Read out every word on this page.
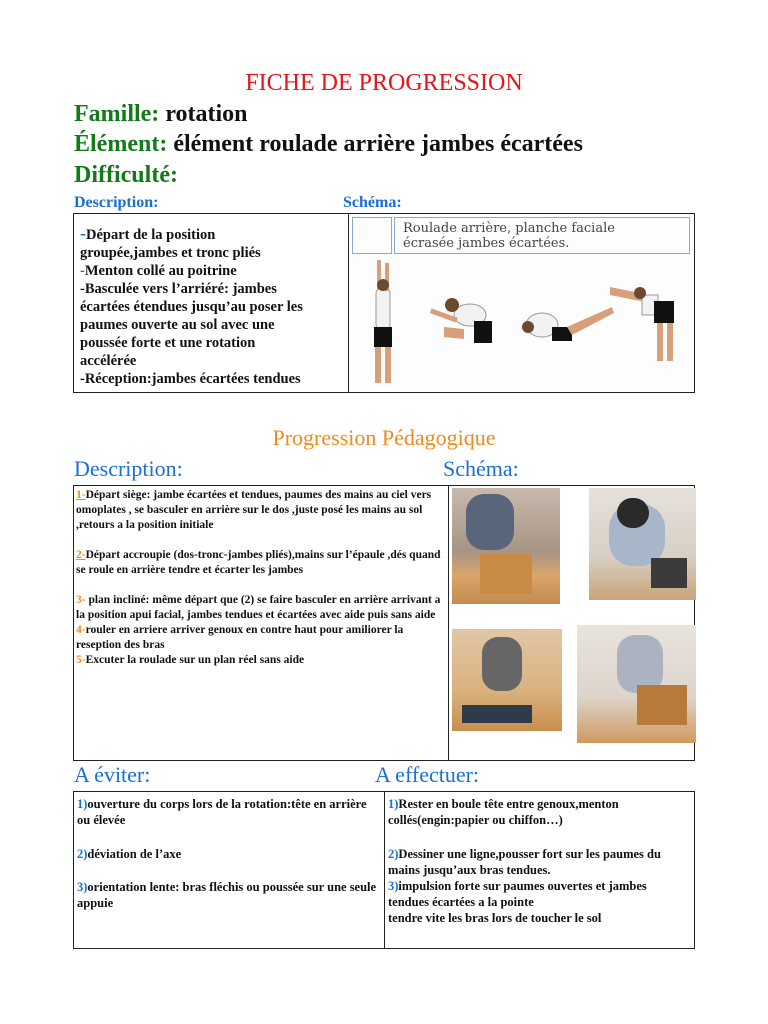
FICHE DE PROGRESSION
Famille: rotation
Élément: élément roulade arrière jambes écartées
Difficulté:
Description:	Schéma:
-Départ de la position
groupée,jambes et tronc pliés
-Menton collé au poitrine
-Basculée vers l’arriéré: jambes
écartées étendues jusqu’au poser les
paumes ouverte au sol avec une
poussée forte et une rotation
accélérée
-Réception:jambes écartées tendues
Roulade arrière, planche faciale
écrasée jambes écartées.
Progression Pédagogique
Description:	Schéma:

1-Départ siège: jambe écartées et tendues, paumes des mains au ciel vers omoplates , se basculer en arrière sur le dos ,juste posé les mains au sol ,retours a la position initiale

2-Départ accroupie (dos-tronc-jambes pliés),mains sur l’épaule ,dés quand se roule en arrière tendre et écarter les jambes

3- plan incliné: même départ que (2) se faire basculer en arrière arrivant a la position apui facial, jambes tendues et écartées avec aide puis sans aide

4-rouler en arriere arriver genoux en contre haut pour amiliorer la reseption des bras

5-Excuter la roulade sur un plan réel sans aide

A éviter:	A effectuer:

1)ouverture du corps lors de la rotation:tête en arrière ou élevée

2)déviation de l’axe

3)orientation lente: bras fléchis ou poussée sur une seule appuie

1)Rester en boule tête entre genoux,menton collés(engin:papier ou chiffon…)

2)Dessiner une ligne,pousser fort sur les paumes du mains jusqu’aux bras tendues.

3)impulsion forte sur paumes ouvertes et jambes tendues écartées a la pointe

tendre vite les bras lors de toucher le sol
